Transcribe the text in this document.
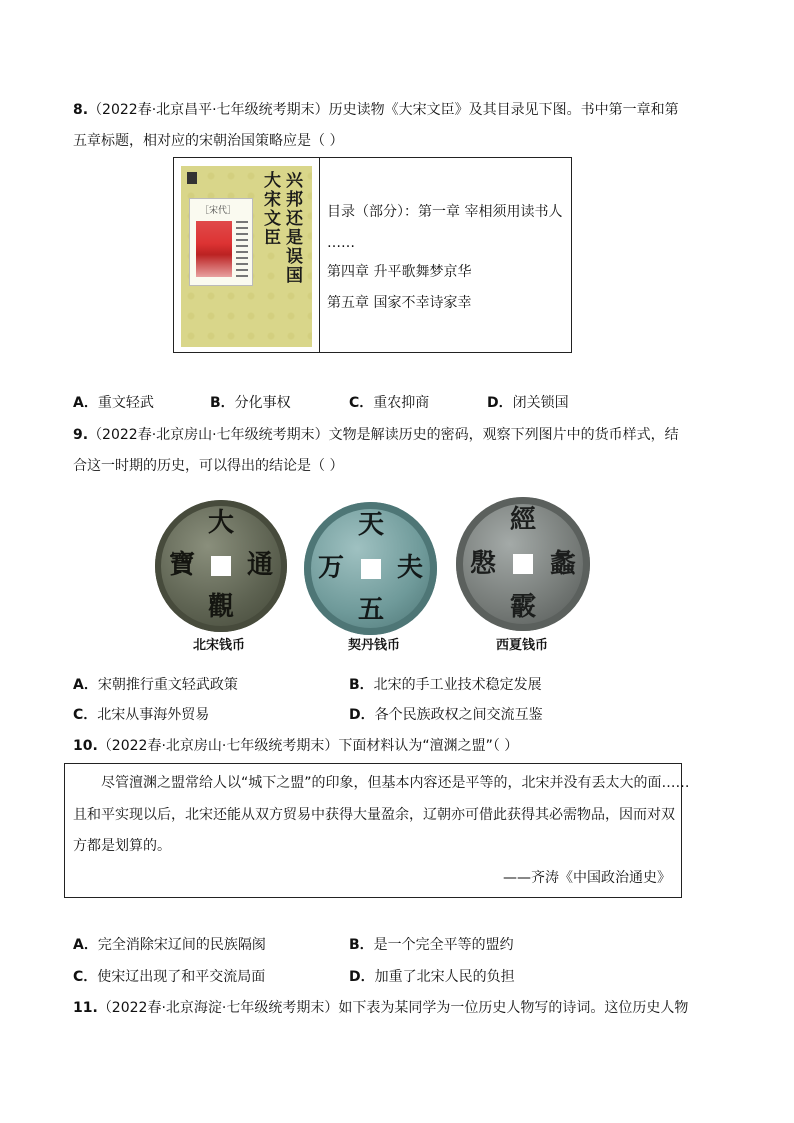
8.（2022春·北京昌平·七年级统考期末）历史读物《大宋文臣》及其目录见下图。书中第一章和第
五章标题，相对应的宋朝治国策略应是（ ）
大宋文臣
兴邦还是误国
［宋代］	目录（部分）：第一章 宰相须用读书人
……
第四章 升平歌舞梦京华
第五章 国家不幸诗家幸
A．重文轻武	B．分化事权	C．重农抑商	D．闭关锁国
9.（2022春·北京房山·七年级统考期末）文物是解读历史的密码，观察下列图片中的货币样式，结
合这一时期的历史，可以得出的结论是（ ）
大
通
觀
寶
北宋钱币
天
夫
五
万
契丹钱币
經
蠡
霰
慇
西夏钱币
A．宋朝推行重文轻武政策	B．北宋的手工业技术稳定发展
C．北宋从事海外贸易	D．各个民族政权之间交流互鉴
10.（2022春·北京房山·七年级统考期末）下面材料认为“澶渊之盟”（ ）
尽管澶渊之盟常给人以“城下之盟”的印象，但基本内容还是平等的，北宋并没有丢太大的面……
且和平实现以后，北宋还能从双方贸易中获得大量盈余，辽朝亦可借此获得其必需物品，因而对双
方都是划算的。
——齐涛《中国政治通史》
A．完全消除宋辽间的民族隔阂	B．是一个完全平等的盟约
C．使宋辽出现了和平交流局面	D．加重了北宋人民的负担
11.（2022春·北京海淀·七年级统考期末）如下表为某同学为一位历史人物写的诗词。这位历史人物
